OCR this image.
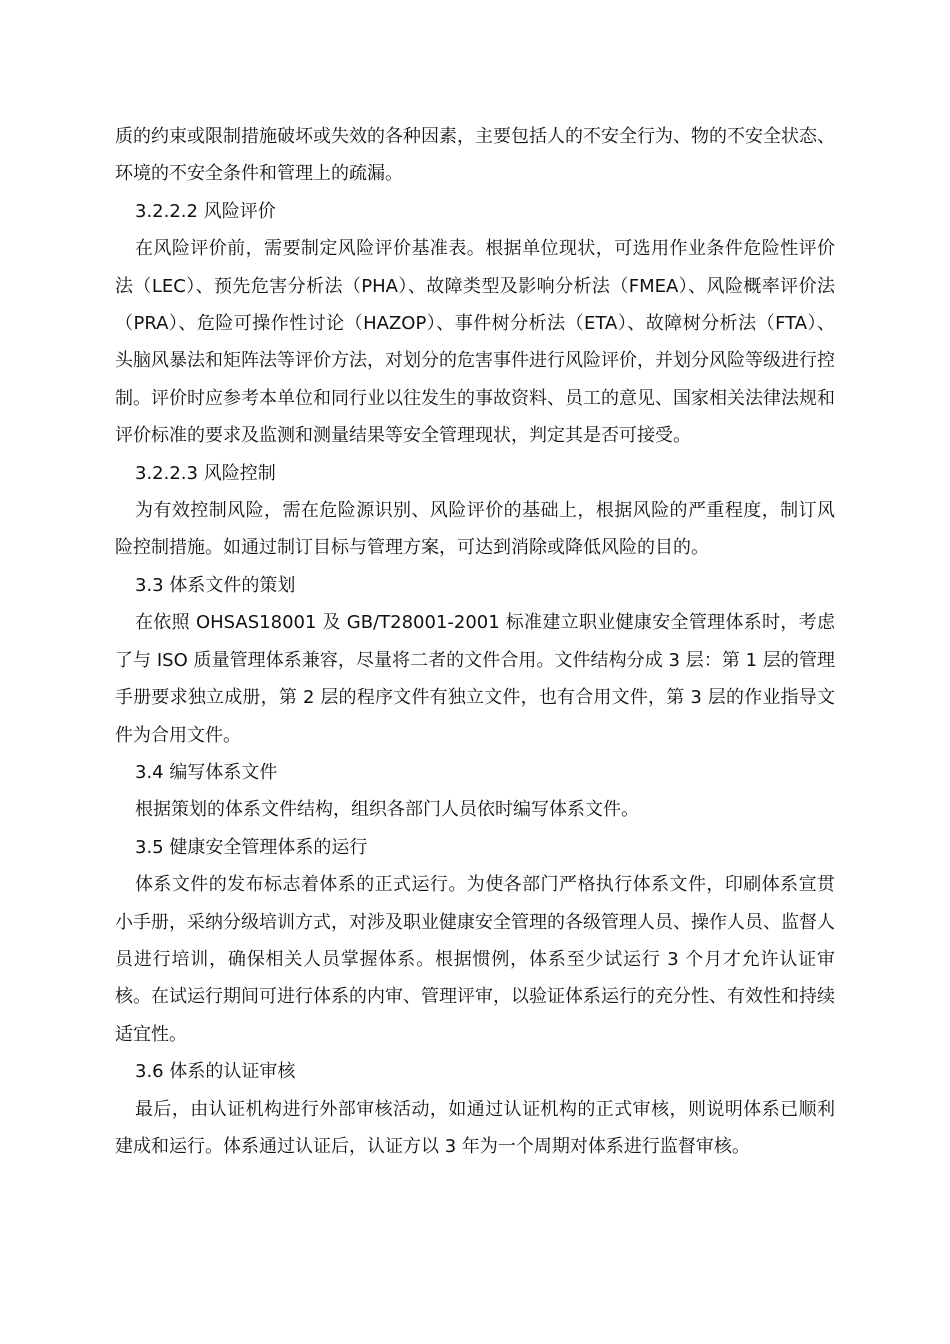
质的约束或限制措施破坏或失效的各种因素，主要包括人的不安全行为、物的不安全状态、环境的不安全条件和管理上的疏漏。

3.2.2.2 风险评价

在风险评价前，需要制定风险评价基准表。根据单位现状，可选用作业条件危险性评价法（LEC）、预先危害分析法（PHA）、故障类型及影响分析法（FMEA）、风险概率评价法（PRA）、危险可操作性讨论（HAZOP）、事件树分析法（ETA）、故障树分析法（FTA）、头脑风暴法和矩阵法等评价方法，对划分的危害事件进行风险评价，并划分风险等级进行控制。评价时应参考本单位和同行业以往发生的事故资料、员工的意见、国家相关法律法规和评价标准的要求及监测和测量结果等安全管理现状，判定其是否可接受。

3.2.2.3 风险控制

为有效控制风险，需在危险源识别、风险评价的基础上，根据风险的严重程度，制订风险控制措施。如通过制订目标与管理方案，可达到消除或降低风险的目的。

3.3 体系文件的策划

在依照 OHSAS18001 及 GB/T28001-2001 标准建立职业健康安全管理体系时，考虑了与 ISO 质量管理体系兼容，尽量将二者的文件合用。文件结构分成 3 层：第 1 层的管理手册要求独立成册，第 2 层的程序文件有独立文件，也有合用文件，第 3 层的作业指导文件为合用文件。

3.4 编写体系文件

根据策划的体系文件结构，组织各部门人员依时编写体系文件。

3.5 健康安全管理体系的运行

体系文件的发布标志着体系的正式运行。为使各部门严格执行体系文件，印刷体系宣贯小手册，采纳分级培训方式，对涉及职业健康安全管理的各级管理人员、操作人员、监督人员进行培训，确保相关人员掌握体系。根据惯例，体系至少试运行 3 个月才允许认证审核。在试运行期间可进行体系的内审、管理评审，以验证体系运行的充分性、有效性和持续适宜性。

3.6 体系的认证审核

最后，由认证机构进行外部审核活动，如通过认证机构的正式审核，则说明体系已顺利建成和运行。体系通过认证后，认证方以 3 年为一个周期对体系进行监督审核。
